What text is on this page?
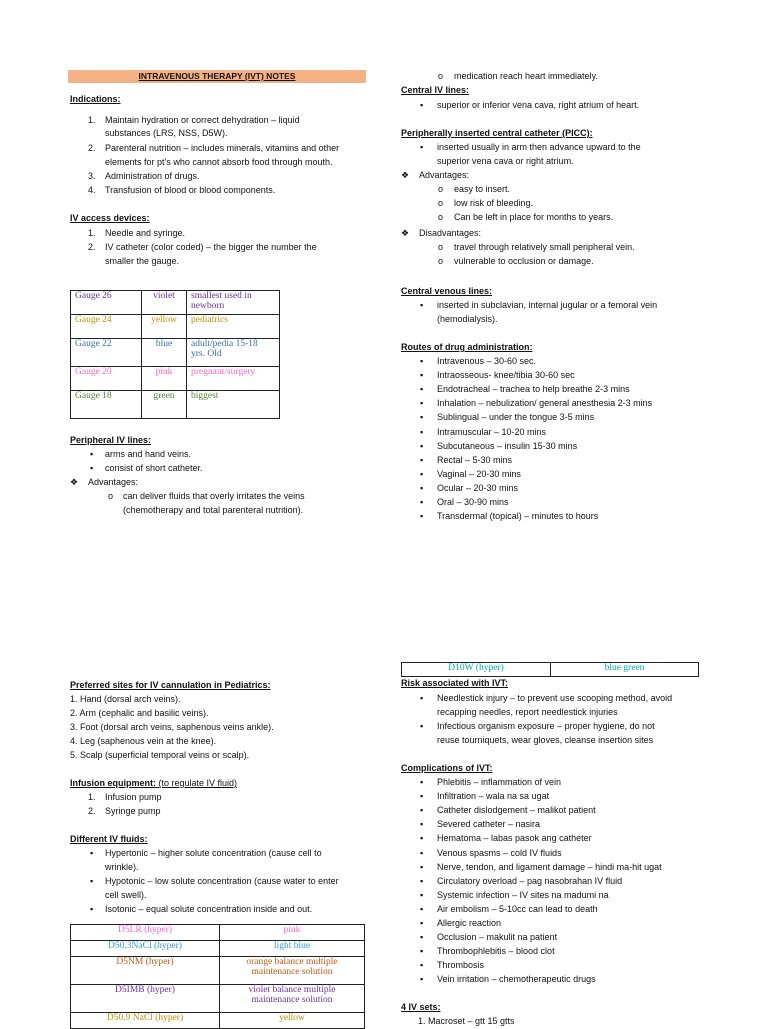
INTRAVENOUS THERAPY (IVT) NOTES
Indications:
1. Maintain hydration or correct dehydration – liquid
substances (LRS, NSS, D5W).
2. Parenteral nutrition – includes minerals, vitamins and other
elements for pt’s who cannot absorb food through mouth.
3. Administration of drugs.
4. Transfusion of blood or blood components.
IV access devices:
1. Needle and syringe.
2. IV catheter (color coded) – the bigger the number the
smaller the gauge.
Gauge 26	violet	smallest used in
newborn
Gauge 24	yellow	pediatrics
Gauge 22	blue	adult/pedia 15-18
yrs. Old
Gauge 20	pink	pregnant/surgery
Gauge 18	green	biggest
Peripheral IV lines:
▪ arms and hand veins.
▪ consist of short catheter.
❖ Advantages:
o can deliver fluids that overly irritates the veins
(chemotherapy and total parenteral nutrition).
o medication reach heart immediately.
Central IV lines:
▪ superior or inferior vena cava, right atrium of heart.
Peripherally inserted central catheter (PICC):
▪ inserted usually in arm then advance upward to the
superior vena cava or right atrium.
❖ Advantages:
o easy to insert.
o low risk of bleeding.
o Can be left in place for months to years.
❖ Disadvantages:
o travel through relatively small peripheral vein.
o vulnerable to occlusion or damage.
Central venous lines:
▪ inserted in subclavian, internal jugular or a femoral vein
(hemodialysis).
Routes of drug administration:
▪ Intravenous – 30-60 sec.
▪ Intraosseous- knee/tibia 30-60 sec
▪ Endotracheal – trachea to help breathe 2-3 mins
▪ Inhalation – nebulization/ general anesthesia 2-3 mins
▪ Sublingual – under the tongue 3-5 mins
▪ Intramuscular – 10-20 mins
▪ Subcutaneous – insulin 15-30 mins
▪ Rectal – 5-30 mins
▪ Vaginal – 20-30 mins
▪ Ocular – 20-30 mins
▪ Oral – 30-90 mins
▪ Transdermal (topical) – minutes to hours
Preferred sites for IV cannulation in Pediatrics:
1. Hand (dorsal arch veins).
2. Arm (cephalic and basilic veins).
3. Foot (dorsal arch veins, saphenous veins ankle).
4. Leg (saphenous vein at the knee).
5. Scalp (superficial temporal veins or scalp).
Infusion equipment: (to regulate IV fluid)
1. Infusion pump
2. Syringe pump
Different IV fluids:
▪ Hypertonic – higher solute concentration (cause cell to
wrinkle).
▪ Hypotonic – low solute concentration (cause water to enter
cell swell).
▪ Isotonic – equal solute concentration inside and out.
D5LR (hyper)	pink
D50.3NaCl (hyper)	light blue
D5NM (hyper)	orange balance multiple
maintenance solution
D5IMB (hyper)	violet balance multiple
maintenance solution
D50.9 NaCl (hyper)	yellow
D10W (hyper)	blue green
Risk associated with IVT:
▪ Needlestick injury – to prevent use scooping method, avoid
recapping needles, report needlestick injuries
▪ Infectious organism exposure – proper hygiene, do not
reuse tourniquets, wear gloves, cleanse insertion sites
Complications of IVT:
▪ Phlebitis – inflammation of vein
▪ Infiltration – wala na sa ugat
▪ Catheter dislodgement – malikot patient
▪ Severed catheter – nasira
▪ Hematoma – labas pasok ang catheter
▪ Venous spasms – cold IV fluids
▪ Nerve, tendon, and ligament damage – hindi ma-hit ugat
▪ Circulatory overload – pag nasobrahan IV fluid
▪ Systemic infection – IV sites na madumi na
▪ Air embolism – 5-10cc can lead to death
▪ Allergic reaction
▪ Occlusion – makulit na patient
▪ Thrombophlebitis – blood clot
▪ Thrombosis
▪ Vein irritation – chemotherapeutic drugs
4 IV sets:
1. Macroset – gtt 15 gtts
